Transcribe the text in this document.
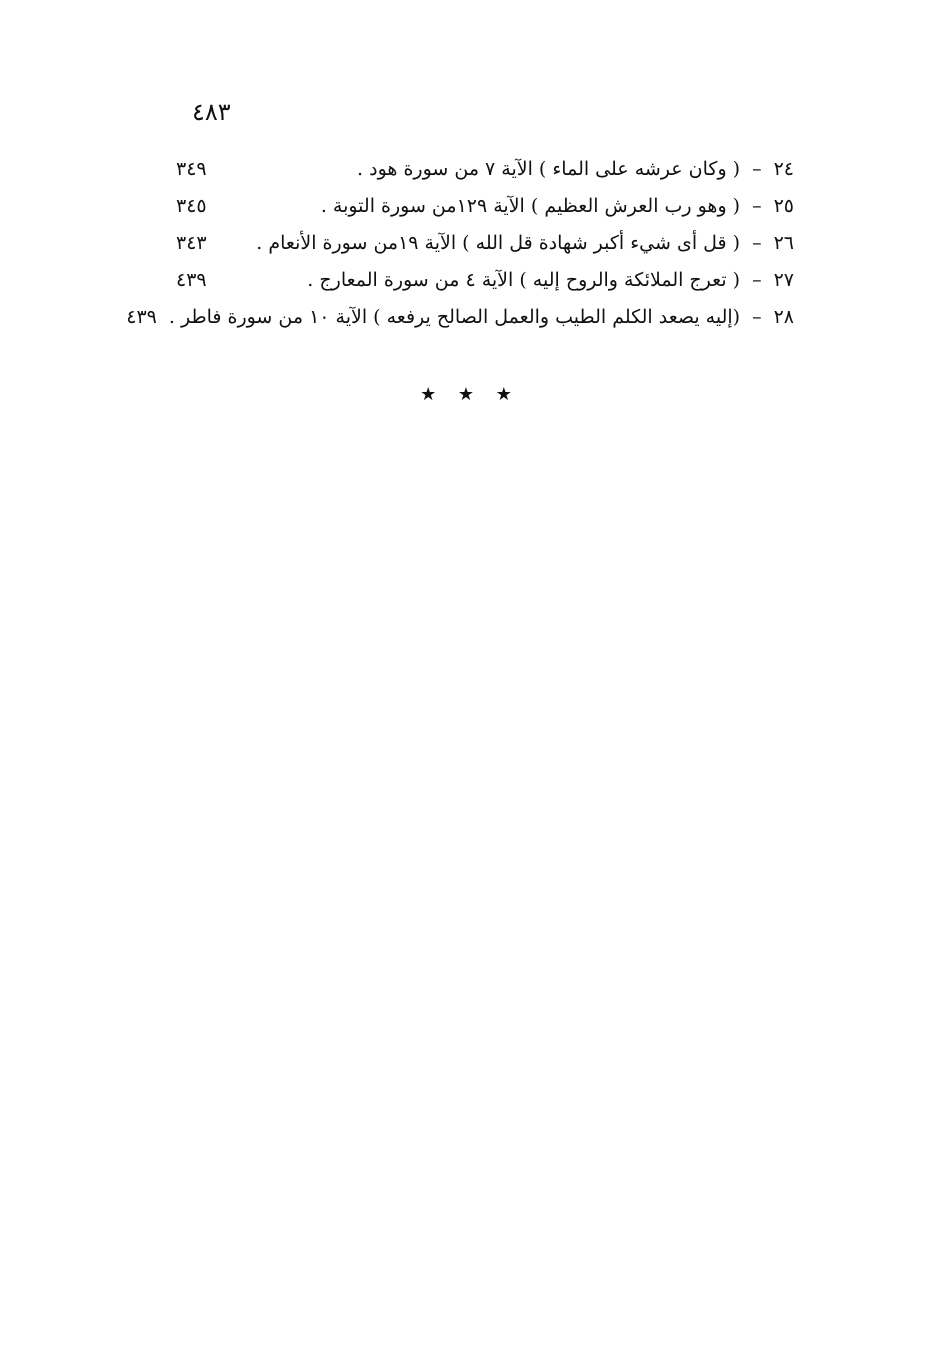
٤٨٣
٢٤
–
( وكان عرشه على الماء ) الآية ٧ من سورة هود .
٣٤٩
٢٥
–
( وهو رب العرش العظيم ) الآية ١٢٩من سورة التوبة .
٣٤٥
٢٦
–
( قل أى شيء أكبر شهادة قل الله ) الآية ١٩من سورة الأنعام .
٣٤٣
٢٧
–
( تعرج الملائكة والروح إليه ) الآية ٤ من سورة المعارج .
٤٣٩
٢٨
–
(إليه يصعد الكلم الطيب والعمل الصالح يرفعه ) الآية ١٠ من سورة فاطر .
٤٣٩
★ ★ ★
